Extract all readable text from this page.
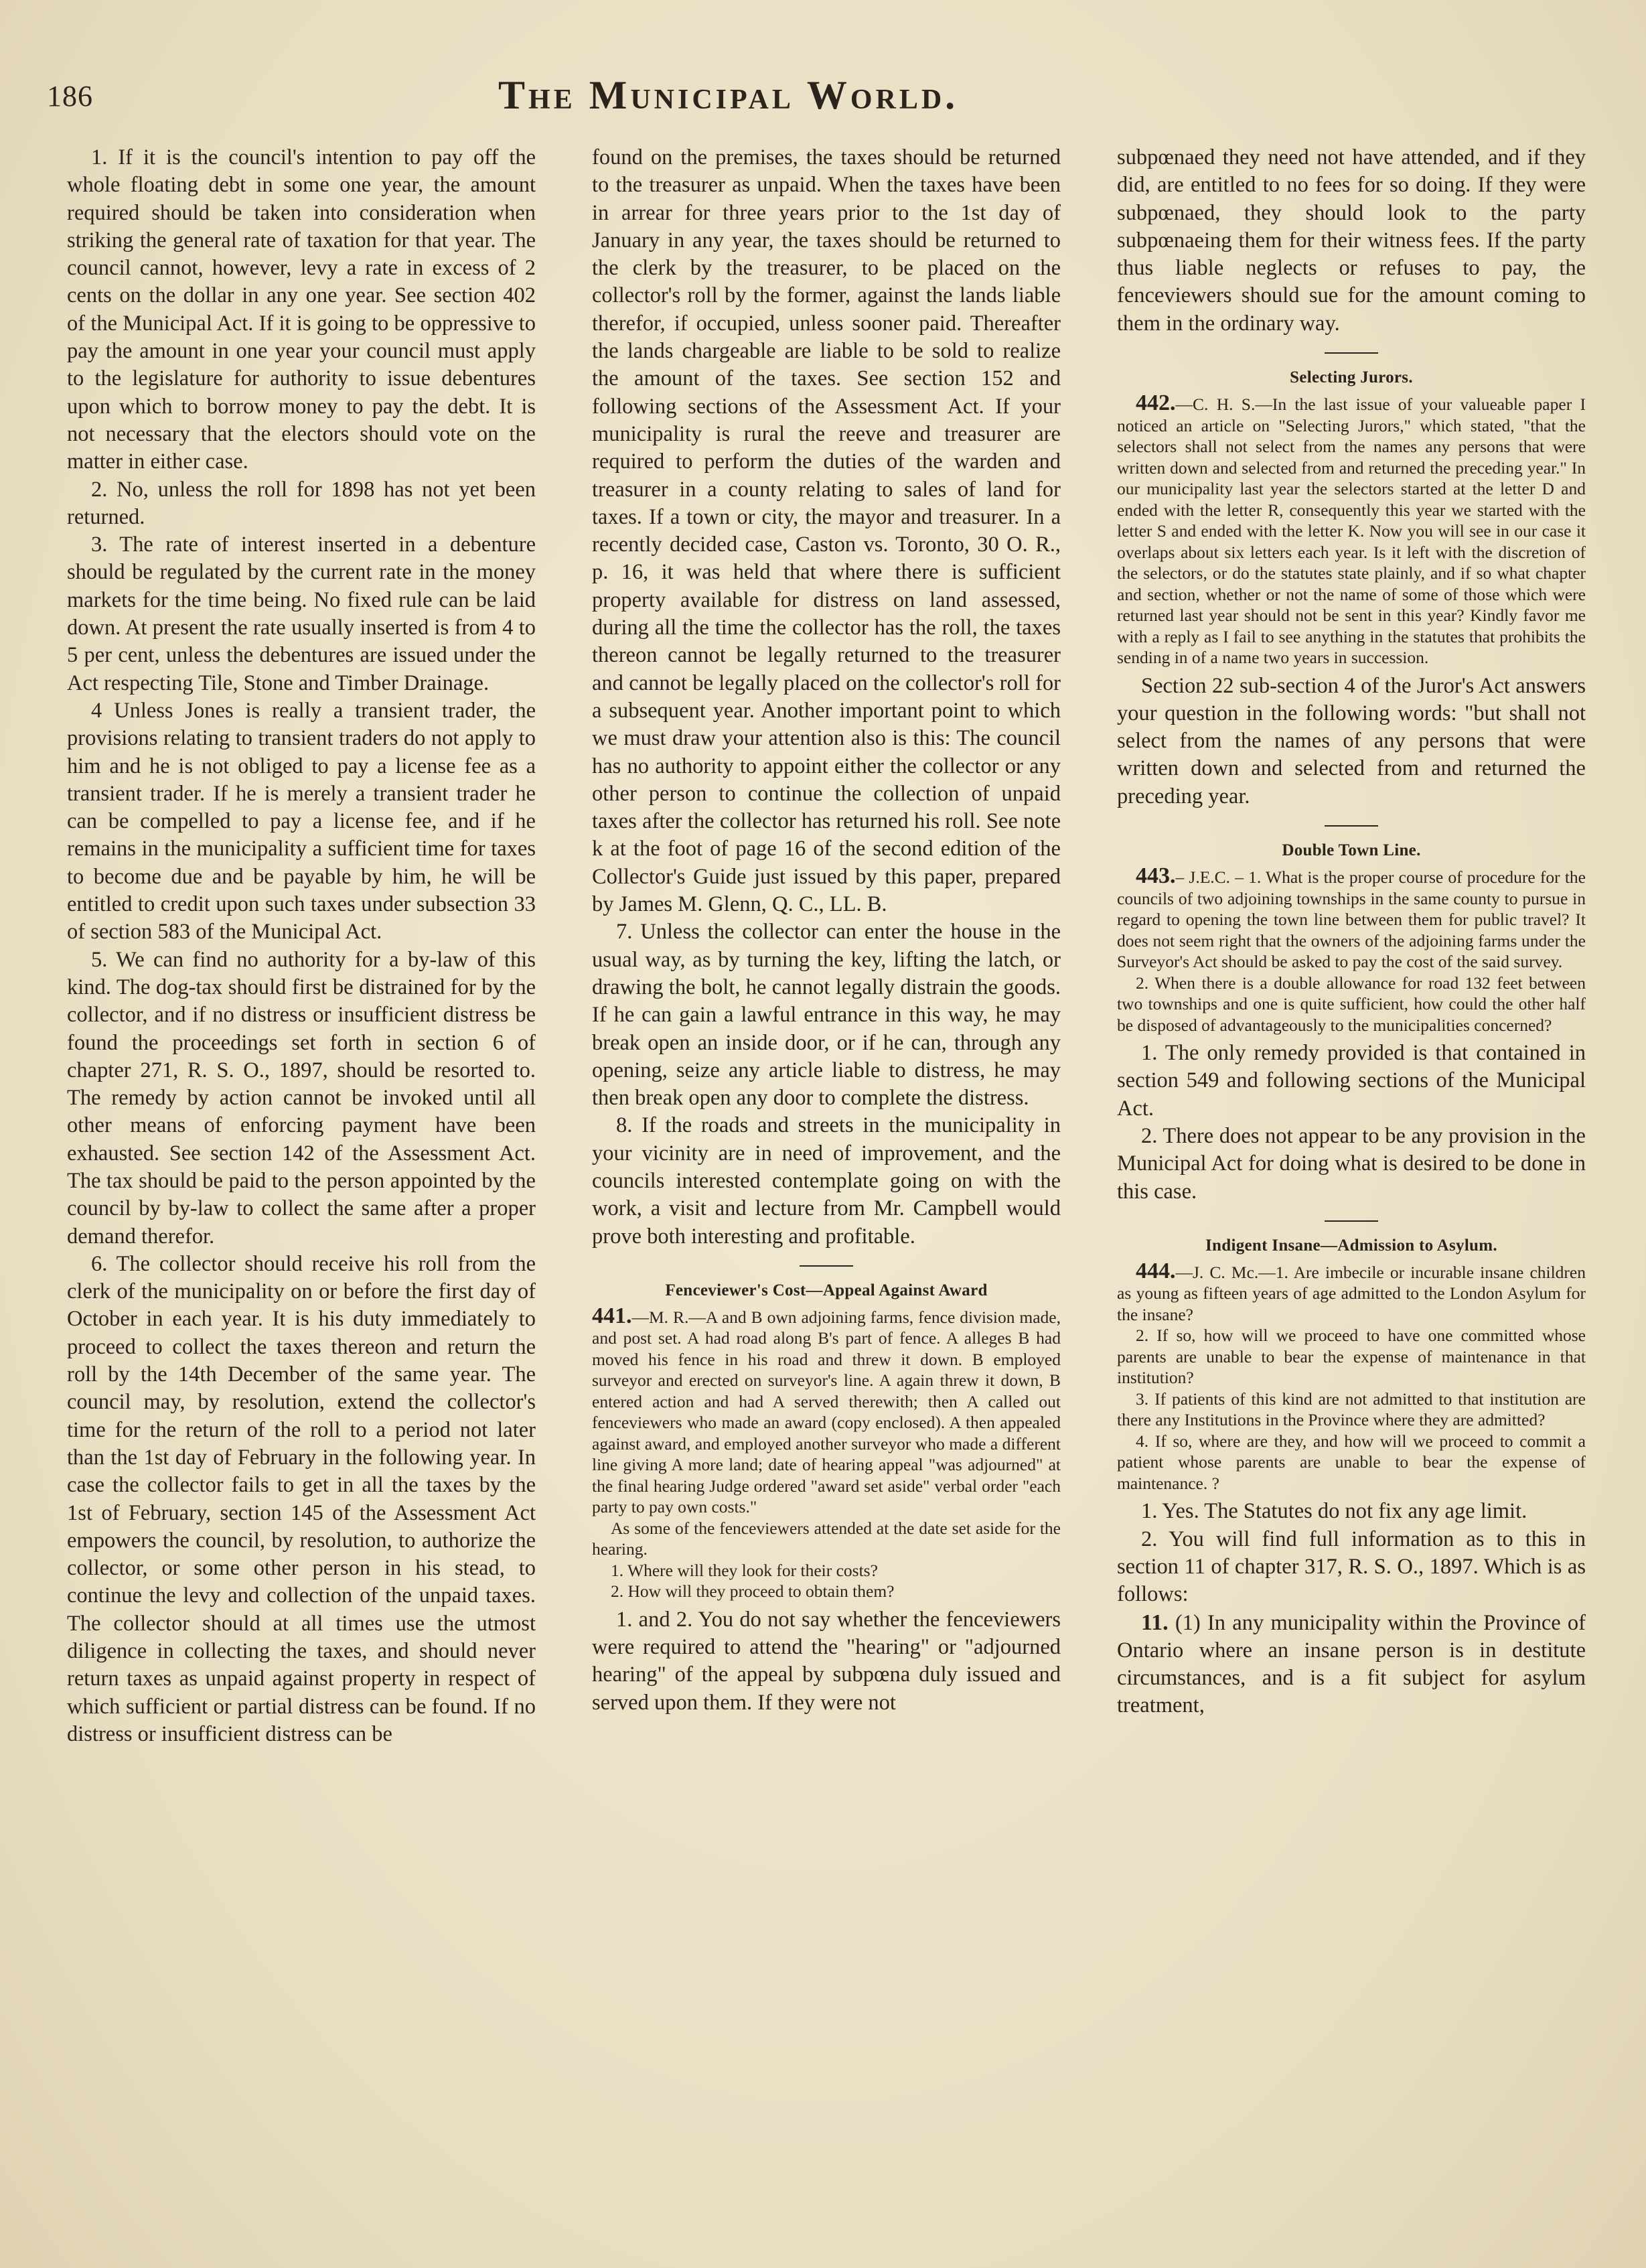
186	The Municipal World.

1. If it is the council's intention to pay off the whole floating debt in some one year, the amount required should be taken into consideration when striking the general rate of taxation for that year. The council cannot, however, levy a rate in excess of 2 cents on the dollar in any one year. See section 402 of the Municipal Act. If it is going to be oppressive to pay the amount in one year your council must apply to the legislature for authority to issue debentures upon which to borrow money to pay the debt. It is not necessary that the electors should vote on the matter in either case.

2. No, unless the roll for 1898 has not yet been returned.

3. The rate of interest inserted in a debenture should be regulated by the current rate in the money markets for the time being. No fixed rule can be laid down. At present the rate usually inserted is from 4 to 5 per cent, unless the debentures are issued under the Act respecting Tile, Stone and Timber Drainage.

4 Unless Jones is really a transient trader, the provisions relating to transient traders do not apply to him and he is not obliged to pay a license fee as a transient trader. If he is merely a transient trader he can be compelled to pay a license fee, and if he remains in the municipality a sufficient time for taxes to become due and be payable by him, he will be entitled to credit upon such taxes under subsection 33 of section 583 of the Municipal Act.

5. We can find no authority for a by-law of this kind. The dog-tax should first be distrained for by the collector, and if no distress or insufficient distress be found the proceedings set forth in section 6 of chapter 271, R. S. O., 1897, should be resorted to. The remedy by action cannot be invoked until all other means of enforcing payment have been exhausted. See section 142 of the Assessment Act. The tax should be paid to the person appointed by the council by by-law to collect the same after a proper demand therefor.

6. The collector should receive his roll from the clerk of the municipality on or before the first day of October in each year. It is his duty immediately to proceed to collect the taxes thereon and return the roll by the 14th December of the same year. The council may, by resolution, extend the collector's time for the return of the roll to a period not later than the 1st day of February in the following year. In case the collector fails to get in all the taxes by the 1st of February, section 145 of the Assessment Act empowers the council, by resolution, to authorize the collector, or some other person in his stead, to continue the levy and collection of the unpaid taxes. The collector should at all times use the utmost diligence in collecting the taxes, and should never return taxes as unpaid against property in respect of which sufficient or partial distress can be found. If no distress or insufficient distress can be

found on the premises, the taxes should be returned to the treasurer as unpaid. When the taxes have been in arrear for three years prior to the 1st day of January in any year, the taxes should be returned to the clerk by the treasurer, to be placed on the collector's roll by the former, against the lands liable therefor, if occupied, unless sooner paid. Thereafter the lands chargeable are liable to be sold to realize the amount of the taxes. See section 152 and following sections of the Assessment Act. If your municipality is rural the reeve and treasurer are required to perform the duties of the warden and treasurer in a county relating to sales of land for taxes. If a town or city, the mayor and treasurer. In a recently decided case, Caston vs. Toronto, 30 O. R., p. 16, it was held that where there is sufficient property available for distress on land assessed, during all the time the collector has the roll, the taxes thereon cannot be legally returned to the treasurer and cannot be legally placed on the collector's roll for a subsequent year. Another important point to which we must draw your attention also is this: The council has no authority to appoint either the collector or any other person to continue the collection of unpaid taxes after the collector has returned his roll. See note k at the foot of page 16 of the second edition of the Collector's Guide just issued by this paper, prepared by James M. Glenn, Q. C., LL. B.

7. Unless the collector can enter the house in the usual way, as by turning the key, lifting the latch, or drawing the bolt, he cannot legally distrain the goods. If he can gain a lawful entrance in this way, he may break open an inside door, or if he can, through any opening, seize any article liable to distress, he may then break open any door to complete the distress.

8. If the roads and streets in the municipality in your vicinity are in need of improvement, and the councils interested contemplate going on with the work, a visit and lecture from Mr. Campbell would prove both interesting and profitable.

Fenceviewer's Cost—Appeal Against Award

441.—M. R.—A and B own adjoining farms, fence division made, and post set. A had road along B's part of fence. A alleges B had moved his fence in his road and threw it down. B employed surveyor and erected on surveyor's line. A again threw it down, B entered action and had A served therewith; then A called out fenceviewers who made an award (copy enclosed). A then appealed against award, and employed another surveyor who made a different line giving A more land; date of hearing appeal "was adjourned" at the final hearing Judge ordered "award set aside" verbal order "each party to pay own costs."

As some of the fenceviewers attended at the date set aside for the hearing.

1. Where will they look for their costs?

2. How will they proceed to obtain them?

1. and 2. You do not say whether the fenceviewers were required to attend the "hearing" or "adjourned hearing" of the appeal by subpœna duly issued and served upon them. If they were not

subpœnaed they need not have attended, and if they did, are entitled to no fees for so doing. If they were subpœnaed, they should look to the party subpœnaeing them for their witness fees. If the party thus liable neglects or refuses to pay, the fenceviewers should sue for the amount coming to them in the ordinary way.

Selecting Jurors.

442.—C. H. S.—In the last issue of your valueable paper I noticed an article on "Selecting Jurors," which stated, "that the selectors shall not select from the names any persons that were written down and selected from and returned the preceding year." In our municipality last year the selectors started at the letter D and ended with the letter R, consequently this year we started with the letter S and ended with the letter K. Now you will see in our case it overlaps about six letters each year. Is it left with the discretion of the selectors, or do the statutes state plainly, and if so what chapter and section, whether or not the name of some of those which were returned last year should not be sent in this year? Kindly favor me with a reply as I fail to see anything in the statutes that prohibits the sending in of a name two years in succession.

Section 22 sub-section 4 of the Juror's Act answers your question in the following words: "but shall not select from the names of any persons that were written down and selected from and returned the preceding year.

Double Town Line.

443.– J.E.C. – 1. What is the proper course of procedure for the councils of two adjoining townships in the same county to pursue in regard to opening the town line between them for public travel? It does not seem right that the owners of the adjoining farms under the Surveyor's Act should be asked to pay the cost of the said survey.

2. When there is a double allowance for road 132 feet between two townships and one is quite sufficient, how could the other half be disposed of advantageously to the municipalities concerned?

1. The only remedy provided is that contained in section 549 and following sections of the Municipal Act.

2. There does not appear to be any provision in the Municipal Act for doing what is desired to be done in this case.

Indigent Insane—Admission to Asylum.

444.—J. C. Mc.—1. Are imbecile or incurable insane children as young as fifteen years of age admitted to the London Asylum for the insane?

2. If so, how will we proceed to have one committed whose parents are unable to bear the expense of maintenance in that institution?

3. If patients of this kind are not admitted to that institution are there any Institutions in the Province where they are admitted?

4. If so, where are they, and how will we proceed to commit a patient whose parents are unable to bear the expense of maintenance. ?

1. Yes. The Statutes do not fix any age limit.

2. You will find full information as to this in section 11 of chapter 317, R. S. O., 1897. Which is as follows:

11. (1) In any municipality within the Province of Ontario where an insane person is in destitute circumstances, and is a fit subject for asylum treatment,
